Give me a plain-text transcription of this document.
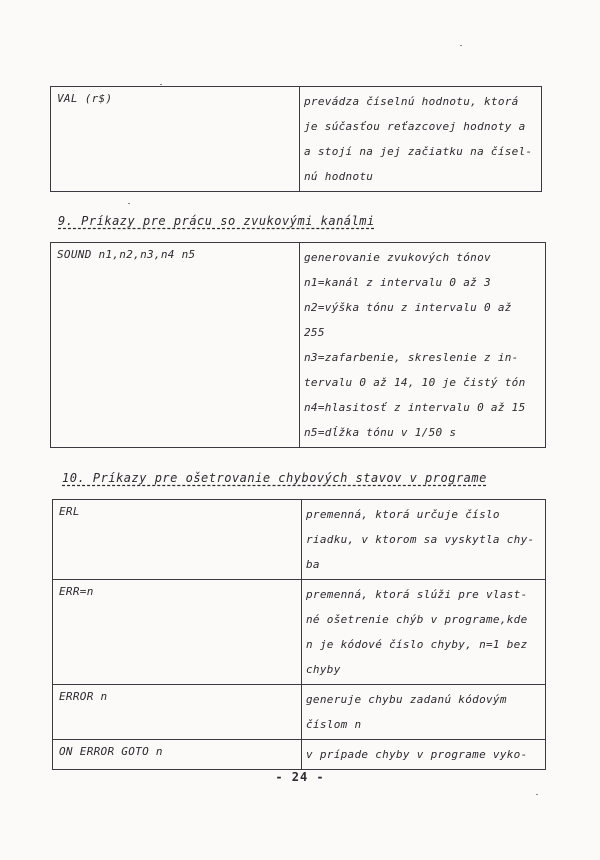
VAL (r$)	prevádza číselnú hodnotu, ktorá
je súčasťou reťazcovej hodnoty a
a stojí na jej začiatku na čísel-
nú hodnotu
9. Príkazy pre prácu so zvukovými kanálmi
SOUND n1,n2,n3,n4 n5	generovanie zvukových tónov
n1=kanál z intervalu 0 až 3
n2=výška tónu z intervalu 0 až
255
n3=zafarbenie, skreslenie z in-
tervalu 0 až 14, 10 je čistý tón
n4=hlasitosť z intervalu 0 až 15
n5=dĺžka tónu v 1/50 s
10. Príkazy pre ošetrovanie chybových stavov v programe
ERL	premenná, ktorá určuje číslo
riadku, v ktorom sa vyskytla chy-
ba

ERR=n	premenná, ktorá slúži pre vlast-
né ošetrenie chýb v programe,kde
n je kódové číslo chyby, n=1 bez
chyby

ERROR n	generuje chybu zadanú kódovým
číslom n

ON ERROR GOTO n	v prípade chyby v programe vyko-
- 24 -
